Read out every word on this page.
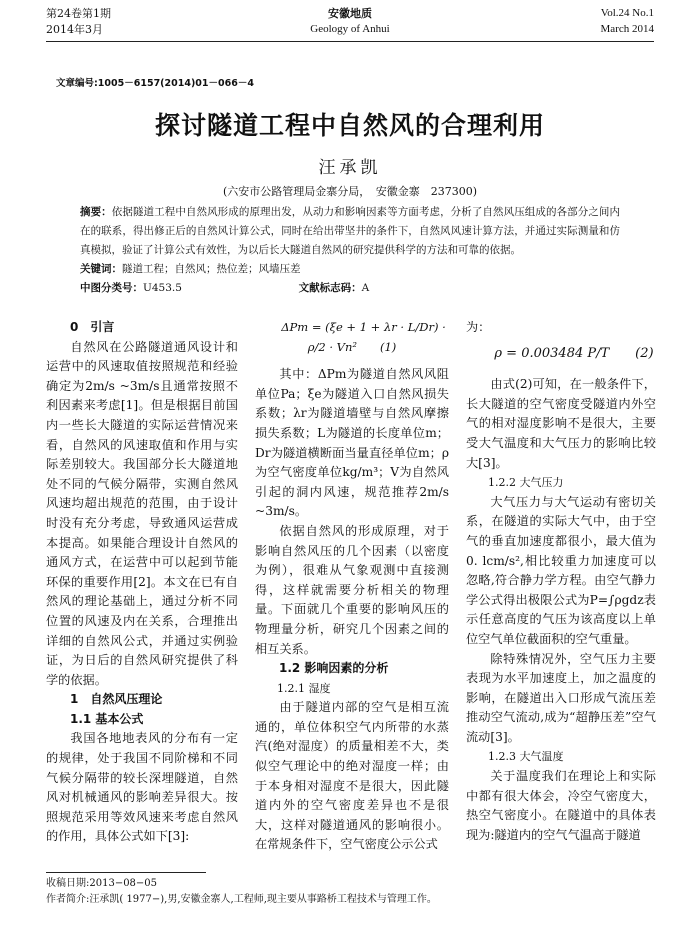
第24卷第1期
2014年3月
安徽地质
Geology of Anhui
Vol.24 No.1
March 2014
文章编号:1005－6157(2014)01－066－4
探讨隧道工程中自然风的合理利用
汪承凯
(六安市公路管理局金寨分局，　安徽金寨　237300)
摘要：依据隧道工程中自然风形成的原理出发，从动力和影响因素等方面考虑，分析了自然风压组成的各部分之间内在的联系，得出修正后的自然风计算公式，同时在给出带坚井的条件下，自然风风速计算方法，并通过实际测量和仿真模拟，验证了计算公式有效性，为以后长大隧道自然风的研究提供科学的方法和可靠的依据。
关键词：隧道工程；自然风；热位差；风墙压差
中图分类号：U453.5	文献标志码：A

0　引言

自然风在公路隧道通风设计和运营中的风速取值按照规范和经验确定为2m/s ~3m/s且通常按照不利因素来考虑[1]。但是根据目前国内一些长大隧道的实际运营情况来看，自然风的风速取值和作用与实际差别较大。我国部分长大隧道地处不同的气候分隔带，实测自然风风速均超出规范的范围，由于设计时没有充分考虑，导致通风运营成本提高。如果能合理设计自然风的通风方式，在运营中可以起到节能环保的重要作用[2]。本文在已有自然风的理论基础上，通过分析不同位置的风速及内在关系，合理推出详细的自然风公式，并通过实例验证，为日后的自然风研究提供了科学的依据。

1　自然风压理论

1.1 基本公式

我国各地地表风的分布有一定的规律，处于我国不同阶梯和不同气候分隔带的较长深埋隧道，自然风对机械通风的影响差异很大。按照规范采用等效风速来考虑自然风的作用，具体公式如下[3]:

ΔPm = (ξe + 1 + λr · L/Dr) · ρ/2 · Vn²　　(1)

其中：ΔPm为隧道自然风风阻单位Pa；ξe为隧道入口自然风损失系数；λr为隧道墙壁与自然风摩擦损失系数；L为隧道的长度单位m；Dr为隧道横断面当量直径单位m；ρ为空气密度单位kg/m³；V为自然风引起的洞内风速，规范推荐2m/s ~3m/s。

依据自然风的形成原理，对于影响自然风压的几个因素（以密度为例），很难从气象观测中直接测得，这样就需要分析相关的物理量。下面就几个重要的影响风压的物理量分析，研究几个因素之间的相互关系。

1.2 影响因素的分析

1.2.1 湿度

由于隧道内部的空气是相互流通的，单位体积空气内所带的水蒸汽(绝对湿度）的质量相差不大，类似空气理论中的绝对湿度一样；由于本身相对湿度不是很大，因此隧道内外的空气密度差异也不是很大，这样对隧道通风的影响很小。在常规条件下，空气密度公示公式

为：

ρ = 0.003484 P/T　　(2)

由式(2)可知，在一般条件下，长大隧道的空气密度受隧道内外空气的相对湿度影响不是很大，主要受大气温度和大气压力的影响比较大[3]。

1.2.2 大气压力

大气压力与大气运动有密切关系，在隧道的实际大气中，由于空气的垂直加速度都很小，最大值为0. lcm/s²,相比较重力加速度可以忽略,符合静力学方程。由空气静力学公式得出极限公式为P=∫ρgdz表示任意高度的气压为该高度以上单位空气单位截面积的空气重量。

除特殊情况外，空气压力主要表现为水平加速度上，加之温度的影响，在隧道出入口形成气流压差推动空气流动,成为“超静压差”空气流动[3]。

1.2.3 大气温度

关于温度我们在理论上和实际中都有很大体会，冷空气密度大，热空气密度小。在隧道中的具体表现为:隧道内的空气气温高于隧道

收稿日期:2013−08−05
作者简介:汪承凯( 1977−),男,安徽金寨人,工程师,现主要从事路桥工程技术与管理工作。
